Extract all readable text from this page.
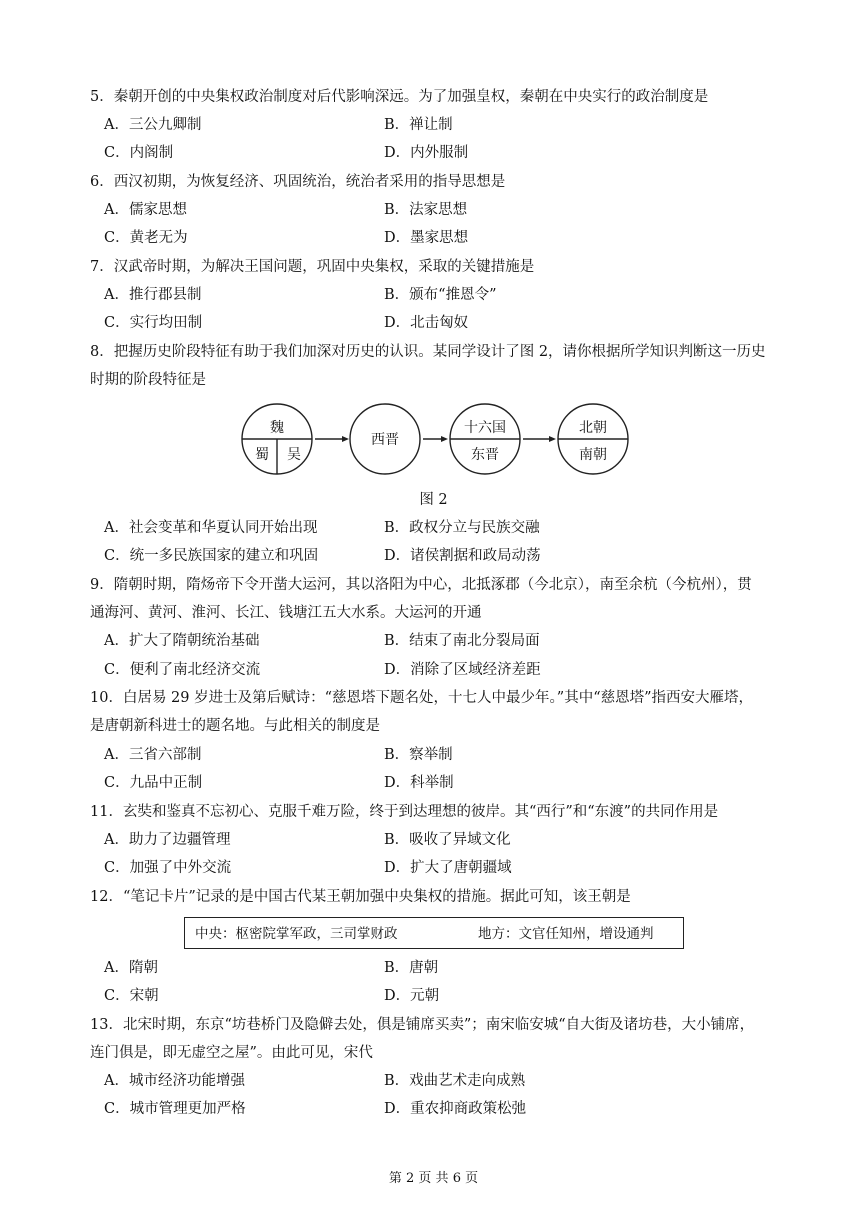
5．秦朝开创的中央集权政治制度对后代影响深远。为了加强皇权，秦朝在中央实行的政治制度是
A．三公九卿制	B．禅让制
C．内阁制	D．内外服制
6．西汉初期，为恢复经济、巩固统治，统治者采用的指导思想是
A．儒家思想	B．法家思想
C．黄老无为	D．墨家思想
7．汉武帝时期，为解决王国问题，巩固中央集权，采取的关键措施是
A．推行郡县制	B．颁布“推恩令”
C．实行均田制	D．北击匈奴
8．把握历史阶段特征有助于我们加深对历史的认识。某同学设计了图 2，请你根据所学知识判断这一历史
时期的阶段特征是
魏
蜀 吴
西晋
十六国
东晋
北朝
南朝
图 2
A．社会变革和华夏认同开始出现	B．政权分立与民族交融
C．统一多民族国家的建立和巩固	D．诸侯割据和政局动荡
9．隋朝时期，隋炀帝下令开凿大运河，其以洛阳为中心，北抵涿郡（今北京），南至余杭（今杭州），贯
通海河、黄河、淮河、长江、钱塘江五大水系。大运河的开通
A．扩大了隋朝统治基础	B．结束了南北分裂局面
C．便利了南北经济交流	D．消除了区域经济差距
10．白居易 29 岁进士及第后赋诗：“慈恩塔下题名处，十七人中最少年。”其中“慈恩塔”指西安大雁塔，
是唐朝新科进士的题名地。与此相关的制度是
A．三省六部制	B．察举制
C．九品中正制	D．科举制
11．玄奘和鉴真不忘初心、克服千难万险，终于到达理想的彼岸。其“西行”和“东渡”的共同作用是
A．助力了边疆管理	B．吸收了异域文化
C．加强了中外交流	D．扩大了唐朝疆域
12．“笔记卡片”记录的是中国古代某王朝加强中央集权的措施。据此可知，该王朝是
中央：枢密院掌军政，三司掌财政	地方：文官任知州，增设通判
A．隋朝	B．唐朝
C．宋朝	D．元朝
13．北宋时期，东京“坊巷桥门及隐僻去处，俱是铺席买卖”；南宋临安城“自大街及诸坊巷，大小铺席，
连门俱是，即无虚空之屋”。由此可见，宋代
A．城市经济功能增强	B．戏曲艺术走向成熟
C．城市管理更加严格	D．重农抑商政策松弛
第 2 页 共 6 页
